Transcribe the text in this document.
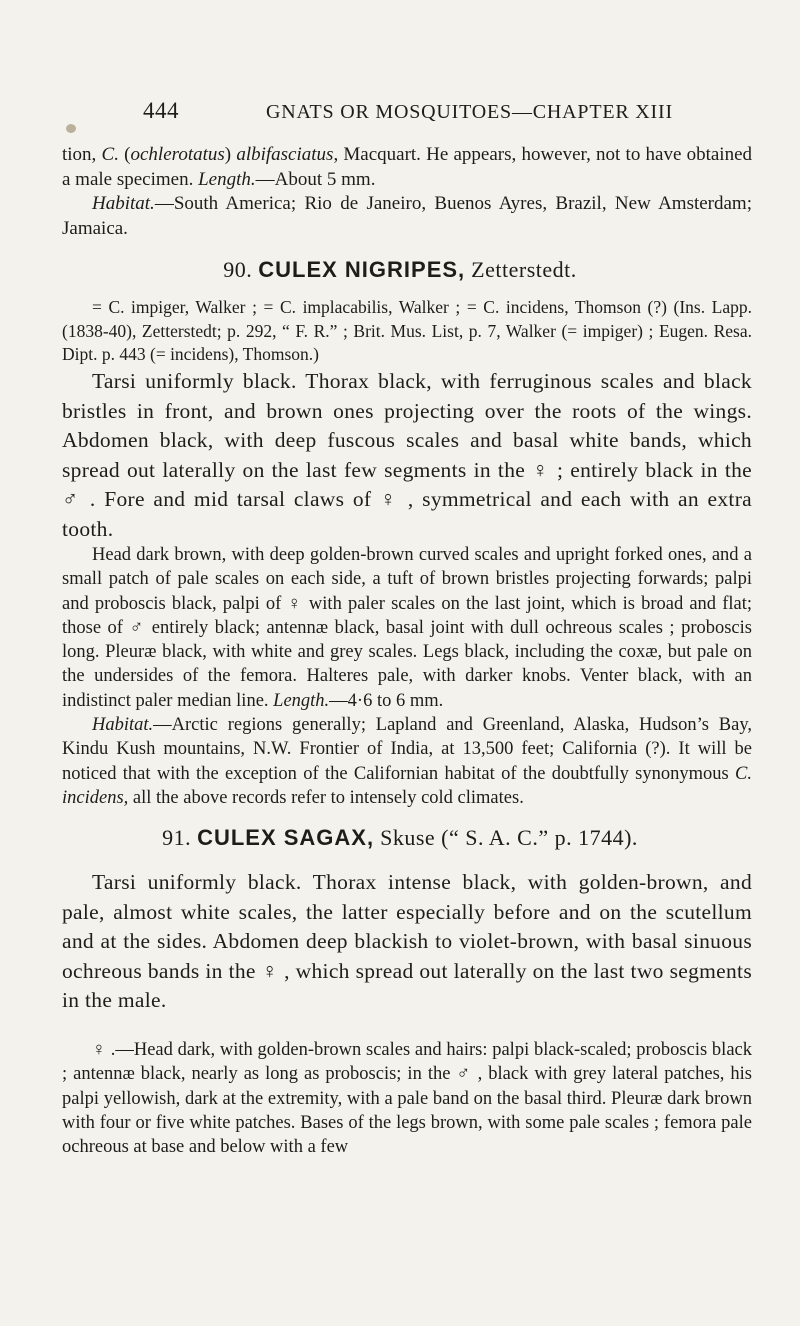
444	GNATS OR MOSQUITOES—CHAPTER XIII

tion, C. (ochlerotatus) albifasciatus, Macquart. He appears, however, not to have obtained a male specimen. Length.—About 5 mm.
Habitat.—South America; Rio de Janeiro, Buenos Ayres, Brazil, New Amsterdam; Jamaica.

90. CULEX NIGRIPES, Zetterstedt.

= C. impiger, Walker ; = C. implacabilis, Walker ; = C. incidens, Thomson (?) (Ins. Lapp. (1838-40), Zetterstedt; p. 292, “ F. R.” ; Brit. Mus. List, p. 7, Walker (= impiger) ; Eugen. Resa. Dipt. p. 443 (= incidens), Thomson.)

Tarsi uniformly black. Thorax black, with ferruginous scales and black bristles in front, and brown ones projecting over the roots of the wings. Abdomen black, with deep fuscous scales and basal white bands, which spread out laterally on the last few segments in the ♀ ; entirely black in the ♂ . Fore and mid tarsal claws of ♀ , symmetrical and each with an extra tooth.

Head dark brown, with deep golden-brown curved scales and upright forked ones, and a small patch of pale scales on each side, a tuft of brown bristles projecting forwards; palpi and proboscis black, palpi of ♀ with paler scales on the last joint, which is broad and flat; those of ♂ entirely black; antennæ black, basal joint with dull ochreous scales ; proboscis long. Pleuræ black, with white and grey scales. Legs black, including the coxæ, but pale on the undersides of the femora. Halteres pale, with darker knobs. Venter black, with an indistinct paler median line. Length.—4·6 to 6 mm.
Habitat.—Arctic regions generally; Lapland and Greenland, Alaska, Hudson’s Bay, Kindu Kush mountains, N.W. Frontier of India, at 13,500 feet; California (?). It will be noticed that with the exception of the Californian habitat of the doubtfully synonymous C. incidens, all the above records refer to intensely cold climates.

91. CULEX SAGAX, Skuse (“ S. A. C.” p. 1744).

Tarsi uniformly black. Thorax intense black, with golden-brown, and pale, almost white scales, the latter especially before and on the scutellum and at the sides. Abdomen deep blackish to violet-brown, with basal sinuous ochreous bands in the ♀ , which spread out laterally on the last two segments in the male.

♀ .—Head dark, with golden-brown scales and hairs: palpi black-scaled; proboscis black ; antennæ black, nearly as long as proboscis; in the ♂ , black with grey lateral patches, his palpi yellowish, dark at the extremity, with a pale band on the basal third. Pleuræ dark brown with four or five white patches. Bases of the legs brown, with some pale scales ; femora pale ochreous at base and below with a few
